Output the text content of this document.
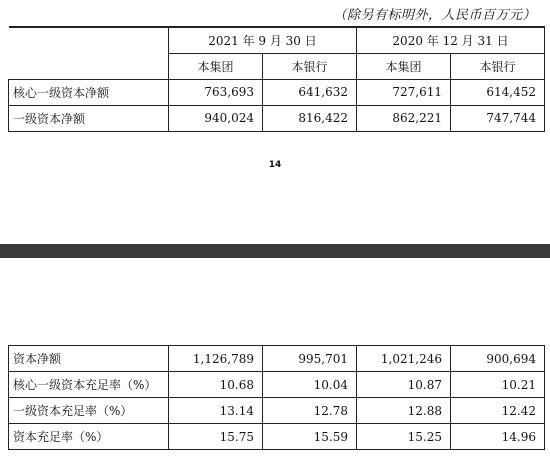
（除另有标明外，人民币百万元）
	2021 年 9 月 30 日		2020 年 12 月 31 日	
	本集团	本银行	本集团	本银行
核心一级资本净额	763,693	641,632	727,611	614,452
一级资本净额	940,024	816,422	862,221	747,744
14
资本净额	1,126,789	995,701	1,021,246	900,694
核心一级资本充足率（%）	10.68	10.04	10.87	10.21
一级资本充足率（%）	13.14	12.78	12.88	12.42
资本充足率（%）	15.75	15.59	15.25	14.96
